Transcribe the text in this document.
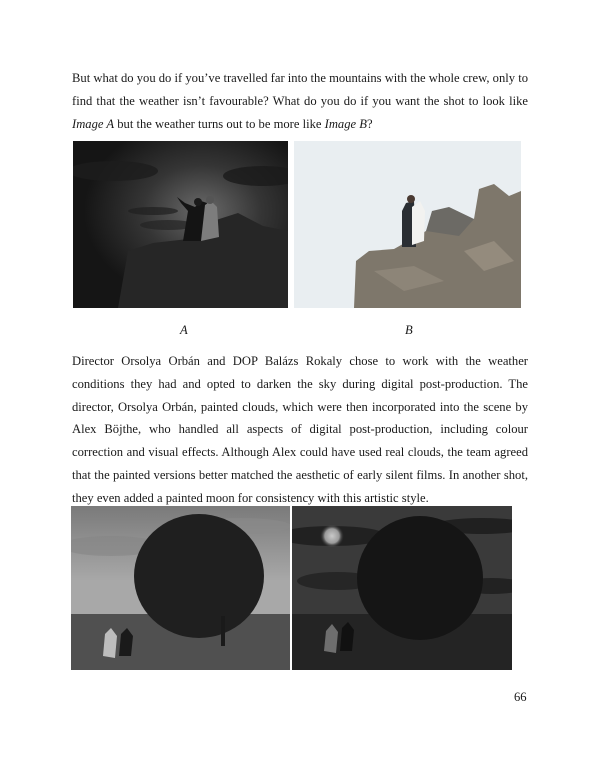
But what do you do if you’ve travelled far into the mountains with the whole crew, only to find that the weather isn’t favourable? What do you do if you want the shot to look like Image A but the weather turns out to be more like Image B?

A	B

Director Orsolya Orbán and DOP Balázs Rokaly chose to work with the weather conditions they had and opted to darken the sky during digital post-production. The director, Orsolya Orbán, painted clouds, which were then incorporated into the scene by Alex Böjthe, who handled all aspects of digital post-production, including colour correction and visual effects. Although Alex could have used real clouds, the team agreed that the painted versions better matched the aesthetic of early silent films. In another shot, they even added a painted moon for consistency with this artistic style.

66
